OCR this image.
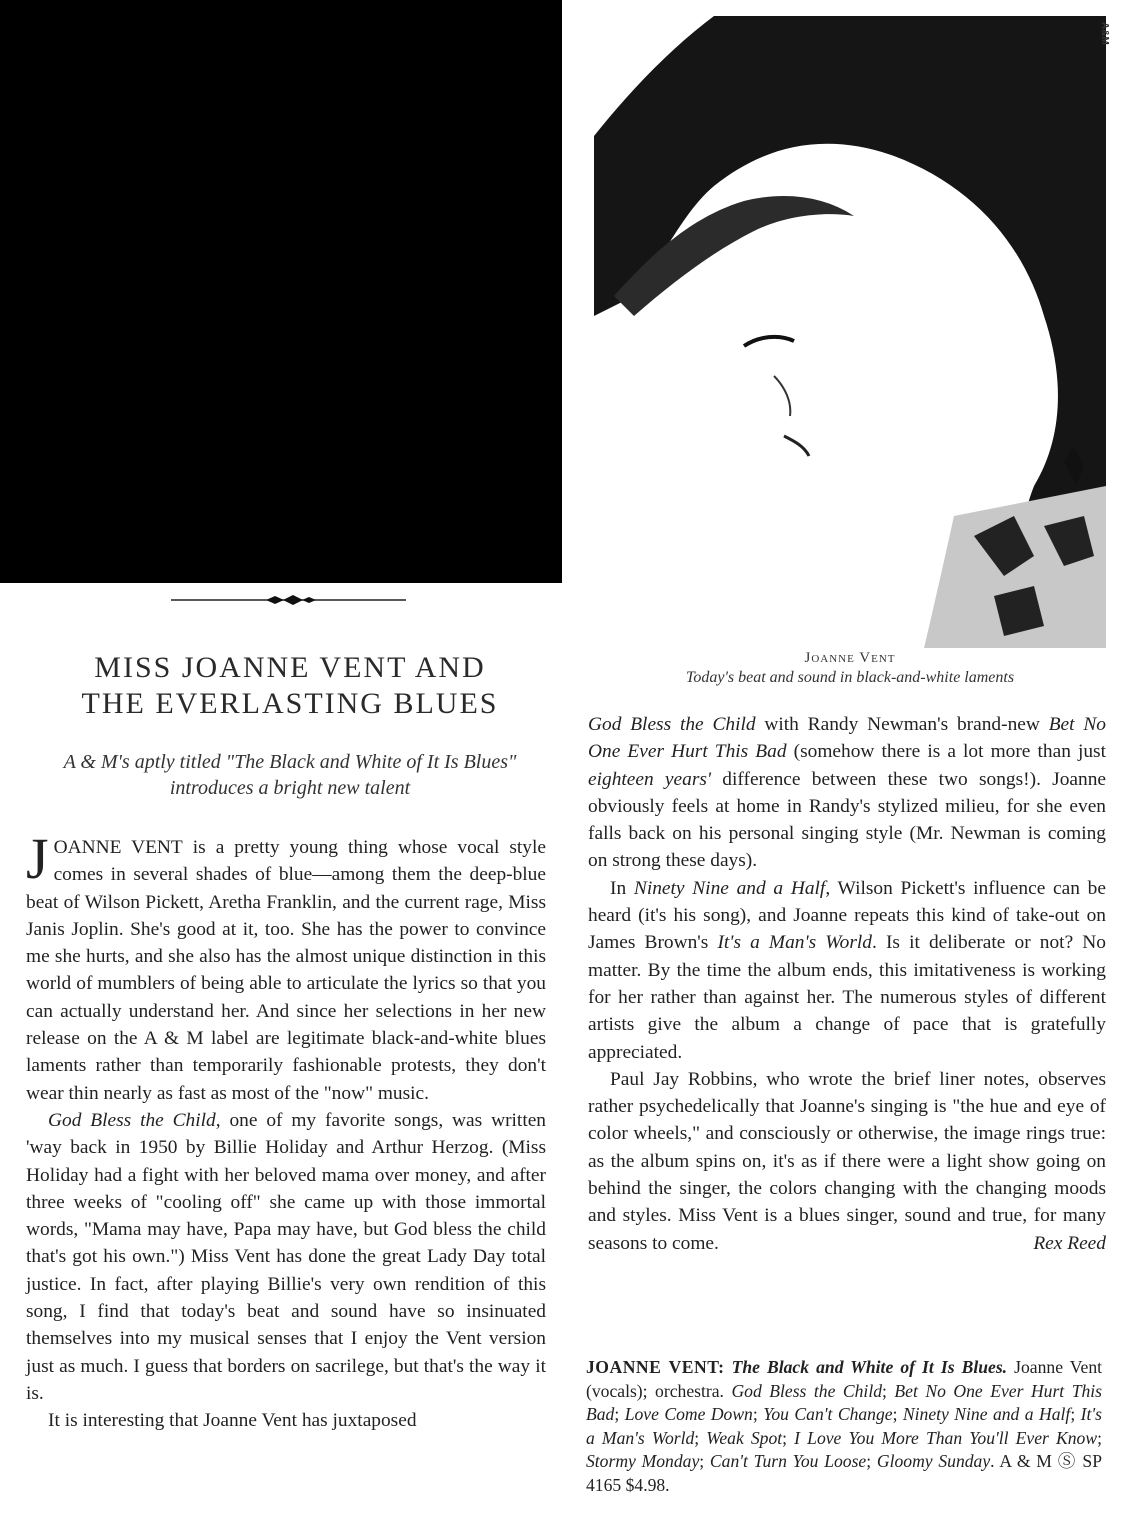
MISS JOANNE VENT AND
THE EVERLASTING BLUES

A & M's aptly titled "The Black and White of It Is Blues" introduces a bright new talent

JOANNE VENT is a pretty young thing whose vocal style comes in several shades of blue—among them the deep-blue beat of Wilson Pickett, Aretha Franklin, and the current rage, Miss Janis Joplin. She's good at it, too. She has the power to convince me she hurts, and she also has the almost unique distinction in this world of mumblers of being able to articulate the lyrics so that you can actually understand her. And since her selections in her new release on the A & M label are legitimate black-and-white blues laments rather than temporarily fashionable protests, they don't wear thin nearly as fast as most of the "now" music.

God Bless the Child, one of my favorite songs, was written 'way back in 1950 by Billie Holiday and Arthur Herzog. (Miss Holiday had a fight with her beloved mama over money, and after three weeks of "cooling off" she came up with those immortal words, "Mama may have, Papa may have, but God bless the child that's got his own.") Miss Vent has done the great Lady Day total justice. In fact, after playing Billie's very own rendition of this song, I find that today's beat and sound have so insinuated themselves into my musical senses that I enjoy the Vent version just as much. I guess that borders on sacrilege, but that's the way it is.

It is interesting that Joanne Vent has juxtaposed

A&M
Joanne Vent
Today's beat and sound in black-and-white laments

God Bless the Child with Randy Newman's brand-new Bet No One Ever Hurt This Bad (somehow there is a lot more than just eighteen years' difference between these two songs!). Joanne obviously feels at home in Randy's stylized milieu, for she even falls back on his personal singing style (Mr. Newman is coming on strong these days).

In Ninety Nine and a Half, Wilson Pickett's influence can be heard (it's his song), and Joanne repeats this kind of take-out on James Brown's It's a Man's World. Is it deliberate or not? No matter. By the time the album ends, this imitativeness is working for her rather than against her. The numerous styles of different artists give the album a change of pace that is gratefully appreciated.

Paul Jay Robbins, who wrote the brief liner notes, observes rather psychedelically that Joanne's singing is "the hue and eye of color wheels," and consciously or otherwise, the image rings true: as the album spins on, it's as if there were a light show going on behind the singer, the colors changing with the changing moods and styles. Miss Vent is a blues singer, sound and true, for many seasons to come.	Rex Reed

JOANNE VENT: The Black and White of It Is Blues. Joanne Vent (vocals); orchestra. God Bless the Child; Bet No One Ever Hurt This Bad; Love Come Down; You Can't Change; Ninety Nine and a Half; It's a Man's World; Weak Spot; I Love You More Than You'll Ever Know; Stormy Monday; Can't Turn You Loose; Gloomy Sunday. A & M Ⓢ SP 4165 $4.98.
